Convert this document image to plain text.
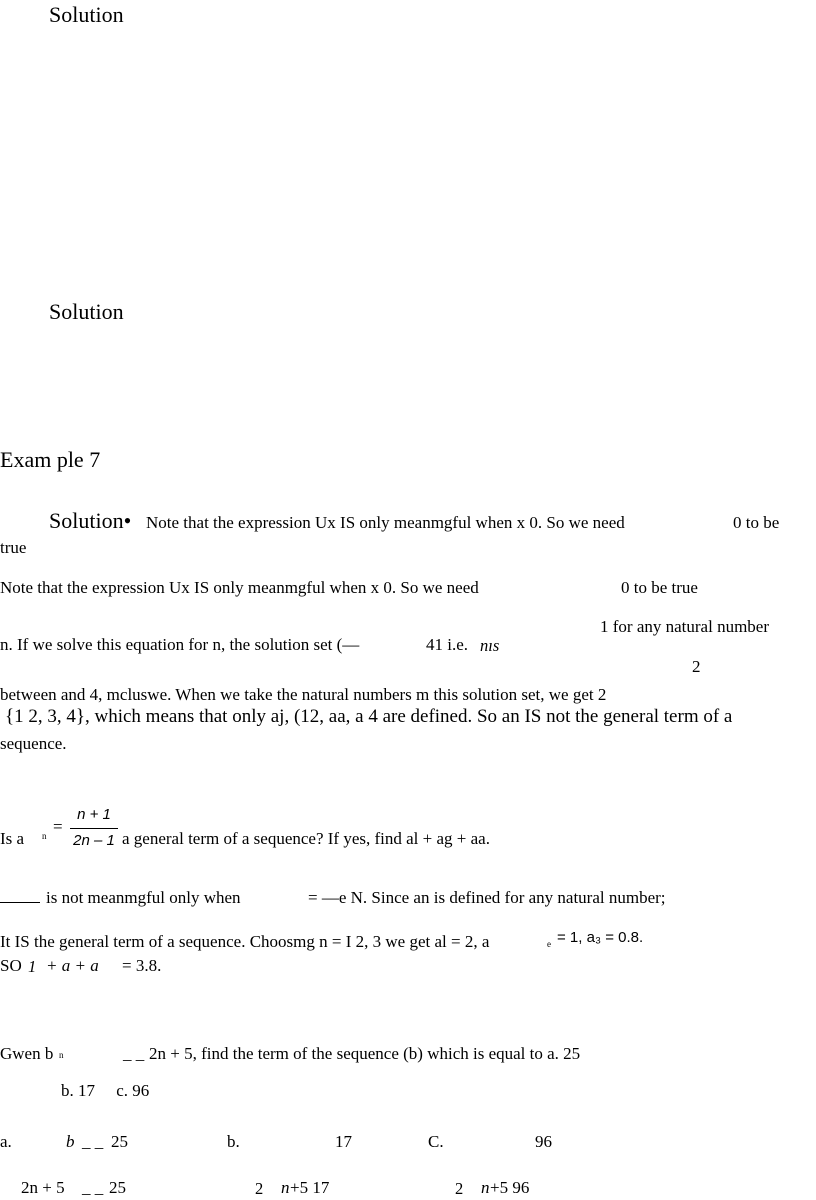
Solution
Solution
Exam ple 7
Solution• Note that the expression Ux IS only meanmgful when x 0. So we need	0 to be
true
Note that the expression Ux IS only meanmgful when x 0. So we need	0 to be true
1 for any natural number
n. If we solve this equation for n, the solution set (—	41 i.e. nıs
2
between and 4, mcluswe. When we take the natural numbers m this solution set, we get 2
{1 2, 3, 4}, which means that only aj, (12, aa, a 4 are defined. So an IS not the general term of a
sequence.
Is a n =
n + 1
2n – 1 a general term of a sequence? If yes, find al + ag + aa.
is not meanmgful only when	= —e N. Since an is defined for any natural number;
It IS the general term of a sequence. Choosmg n = I 2, 3 we get al = 2, a	e = 1, a₃ = 0.8.
SO 1 + a + a = 3.8.
Gwen b n	_ _ 2n + 5, find the term of the sequence (b) which is equal to a. 25
b. 17     c. 96
a.	b _ _ 25	b.	17	C.	96
2n + 5 _ _ 25	2 n +5 17	2 n +5 96
